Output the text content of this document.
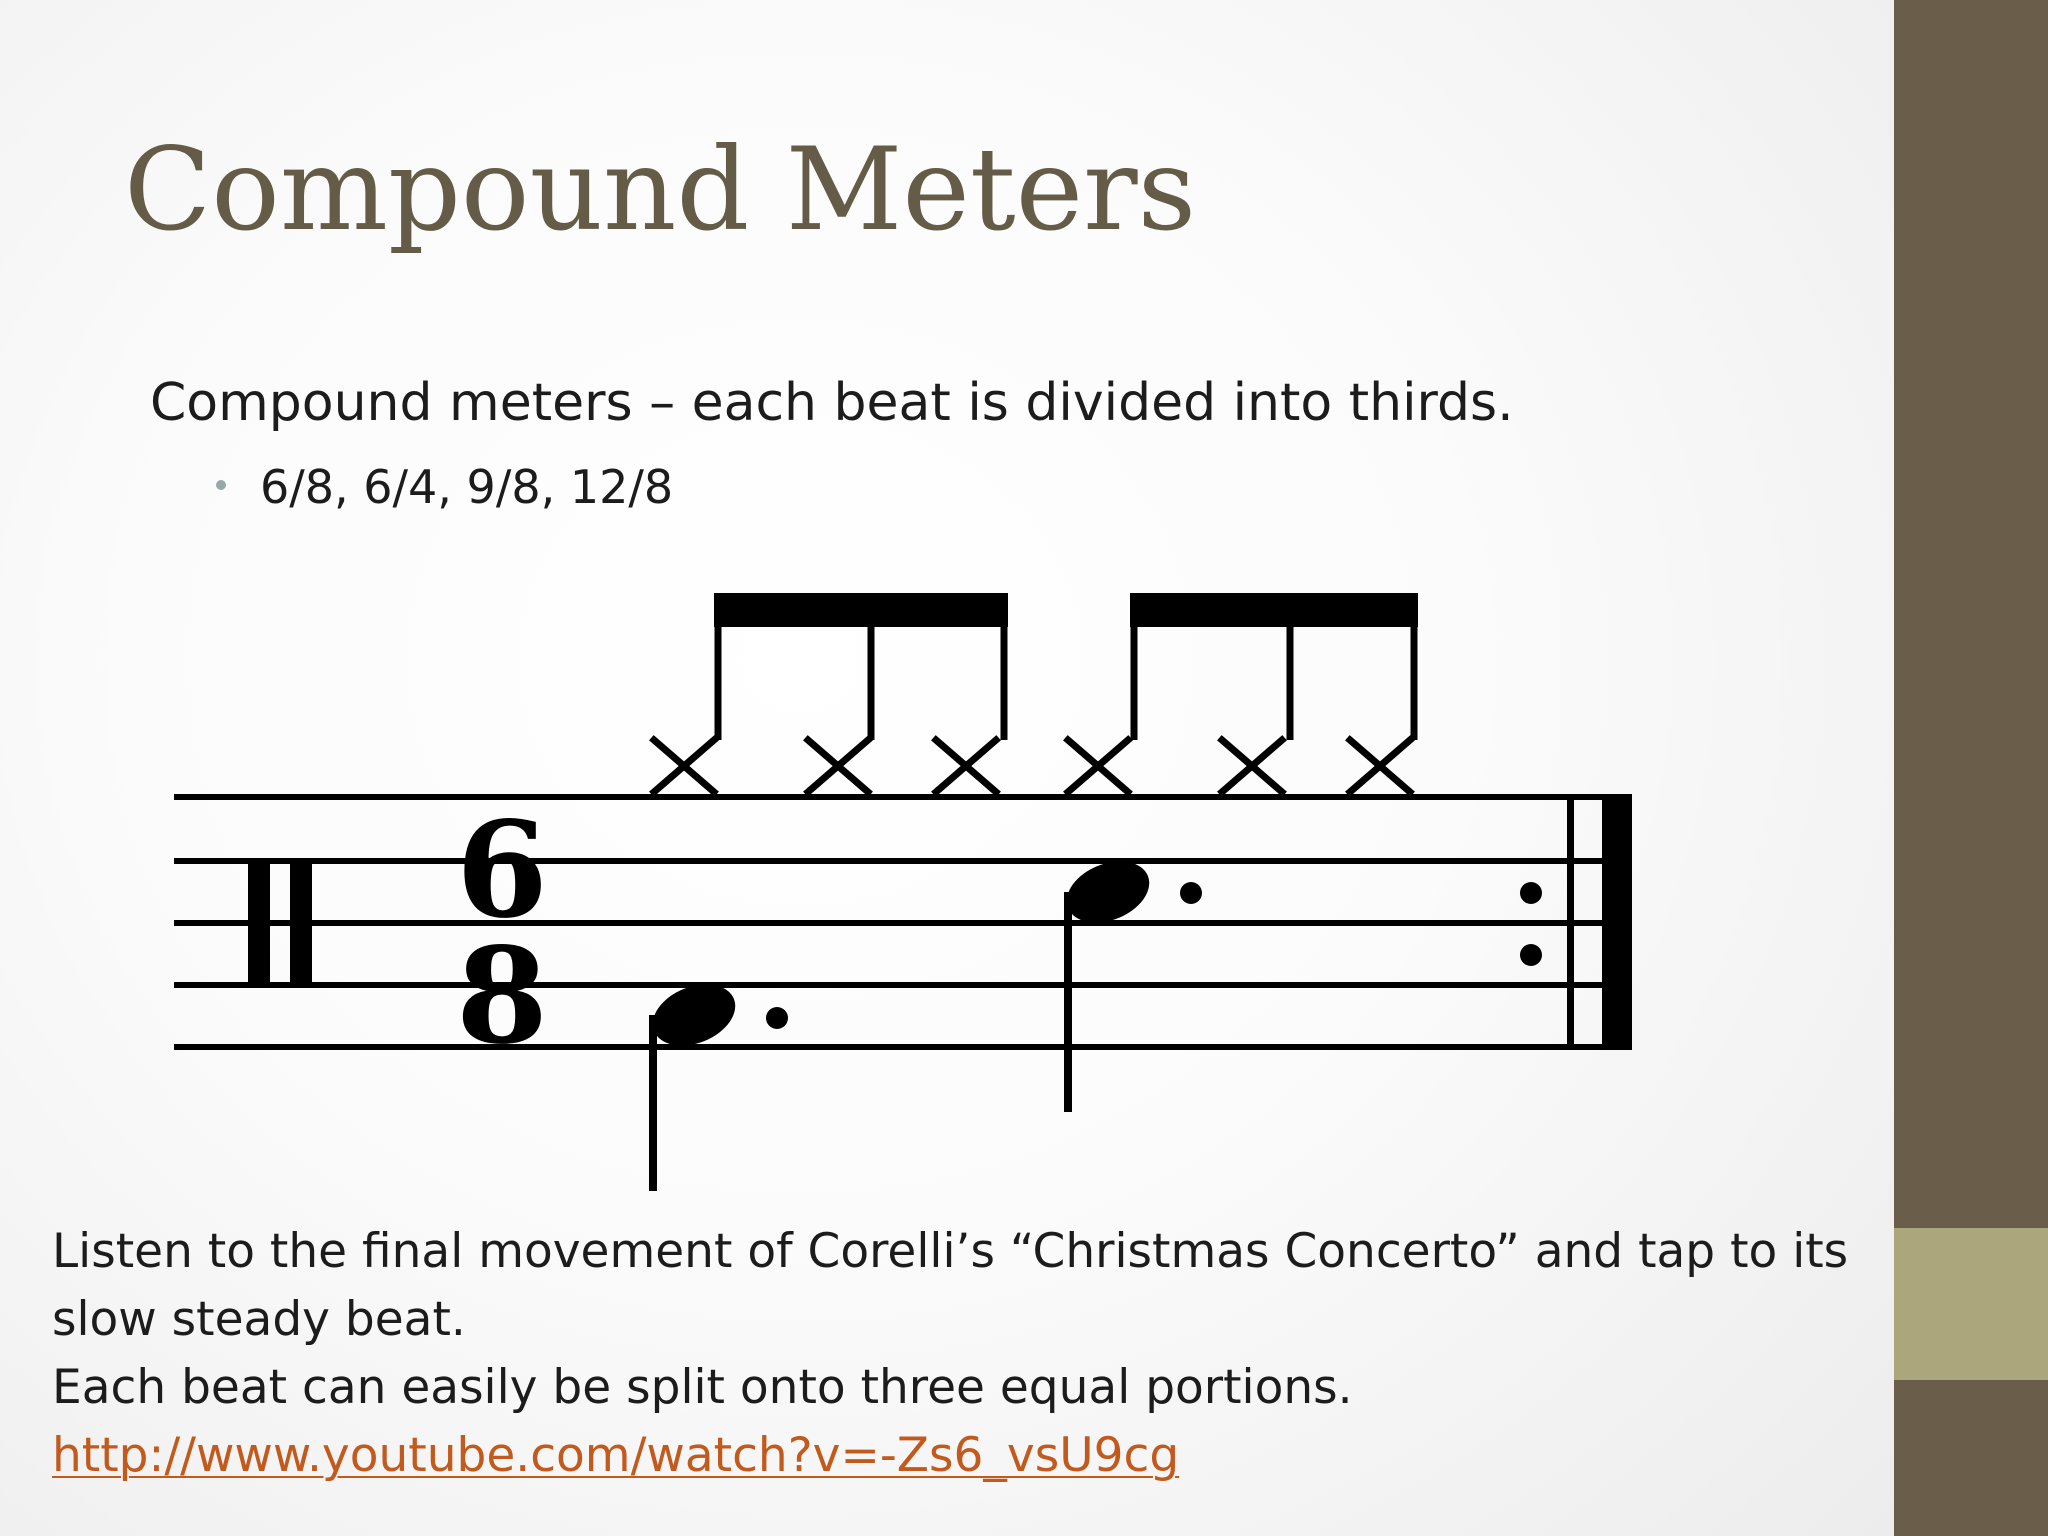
Compound Meters
Compound meters – each beat is divided into thirds.
6/8, 6/4, 9/8, 12/8
6
8
Listen to the final movement of Corelli’s “Christmas Concerto” and tap to its
slow steady beat.
Each beat can easily be split onto three equal portions.
http://www.youtube.com/watch?v=-Zs6_vsU9cg
